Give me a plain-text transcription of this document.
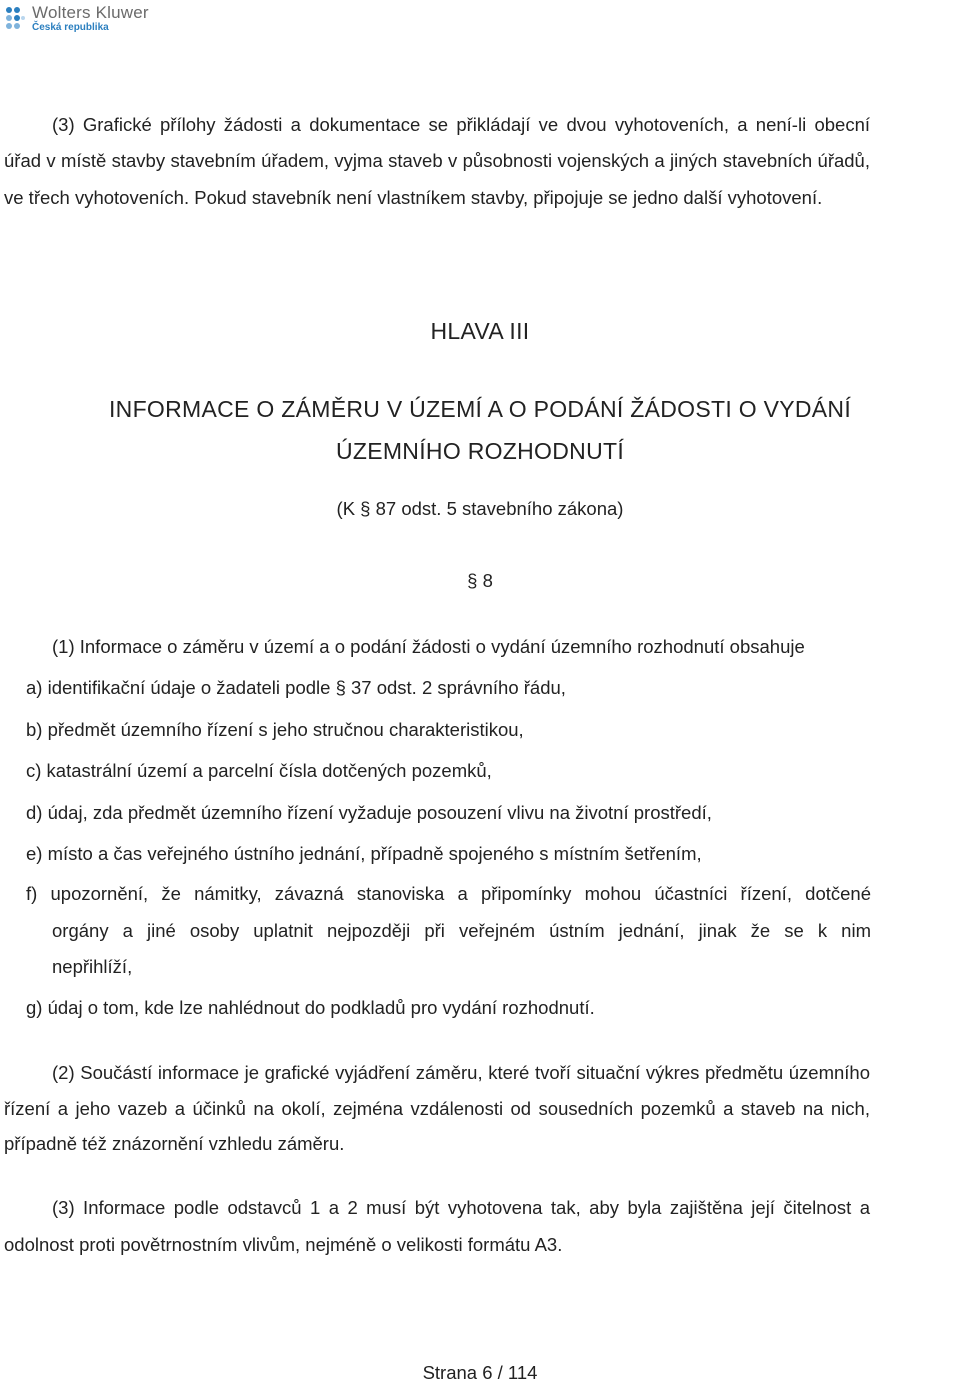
Wolters Kluwer
Česká republika

(3) Grafické přílohy žádosti a dokumentace se přikládají ve dvou vyhotoveních, a není-li obecní úřad v místě stavby stavebním úřadem, vyjma staveb v působnosti vojenských a jiných stavebních úřadů, ve třech vyhotoveních. Pokud stavebník není vlastníkem stavby, připojuje se jedno další vyhotovení.

HLAVA III

INFORMACE O ZÁMĚRU V ÚZEMÍ A O PODÁNÍ ŽÁDOSTI O VYDÁNÍ

ÚZEMNÍHO ROZHODNUTÍ

(K § 87 odst. 5 stavebního zákona)

§ 8

(1) Informace o záměru v území a o podání žádosti o vydání územního rozhodnutí obsahuje

a) identifikační údaje o žadateli podle § 37 odst. 2 správního řádu,

b) předmět územního řízení s jeho stručnou charakteristikou,

c) katastrální území a parcelní čísla dotčených pozemků,

d) údaj, zda předmět územního řízení vyžaduje posouzení vlivu na životní prostředí,

e) místo a čas veřejného ústního jednání, případně spojeného s místním šetřením,

f) upozornění, že námitky, závazná stanoviska a připomínky mohou účastníci řízení, dotčené
orgány a jiné osoby uplatnit nejpozději při veřejném ústním jednání, jinak že se k nim
nepřihlíží,

g) údaj o tom, kde lze nahlédnout do podkladů pro vydání rozhodnutí.

(2) Součástí informace je grafické vyjádření záměru, které tvoří situační výkres předmětu územního řízení a jeho vazeb a účinků na okolí, zejména vzdálenosti od sousedních pozemků a staveb na nich, případně též znázornění vzhledu záměru.

(3) Informace podle odstavců 1 a 2 musí být vyhotovena tak, aby byla zajištěna její čitelnost a odolnost proti povětrnostním vlivům, nejméně o velikosti formátu A3.

Strana 6 / 114
